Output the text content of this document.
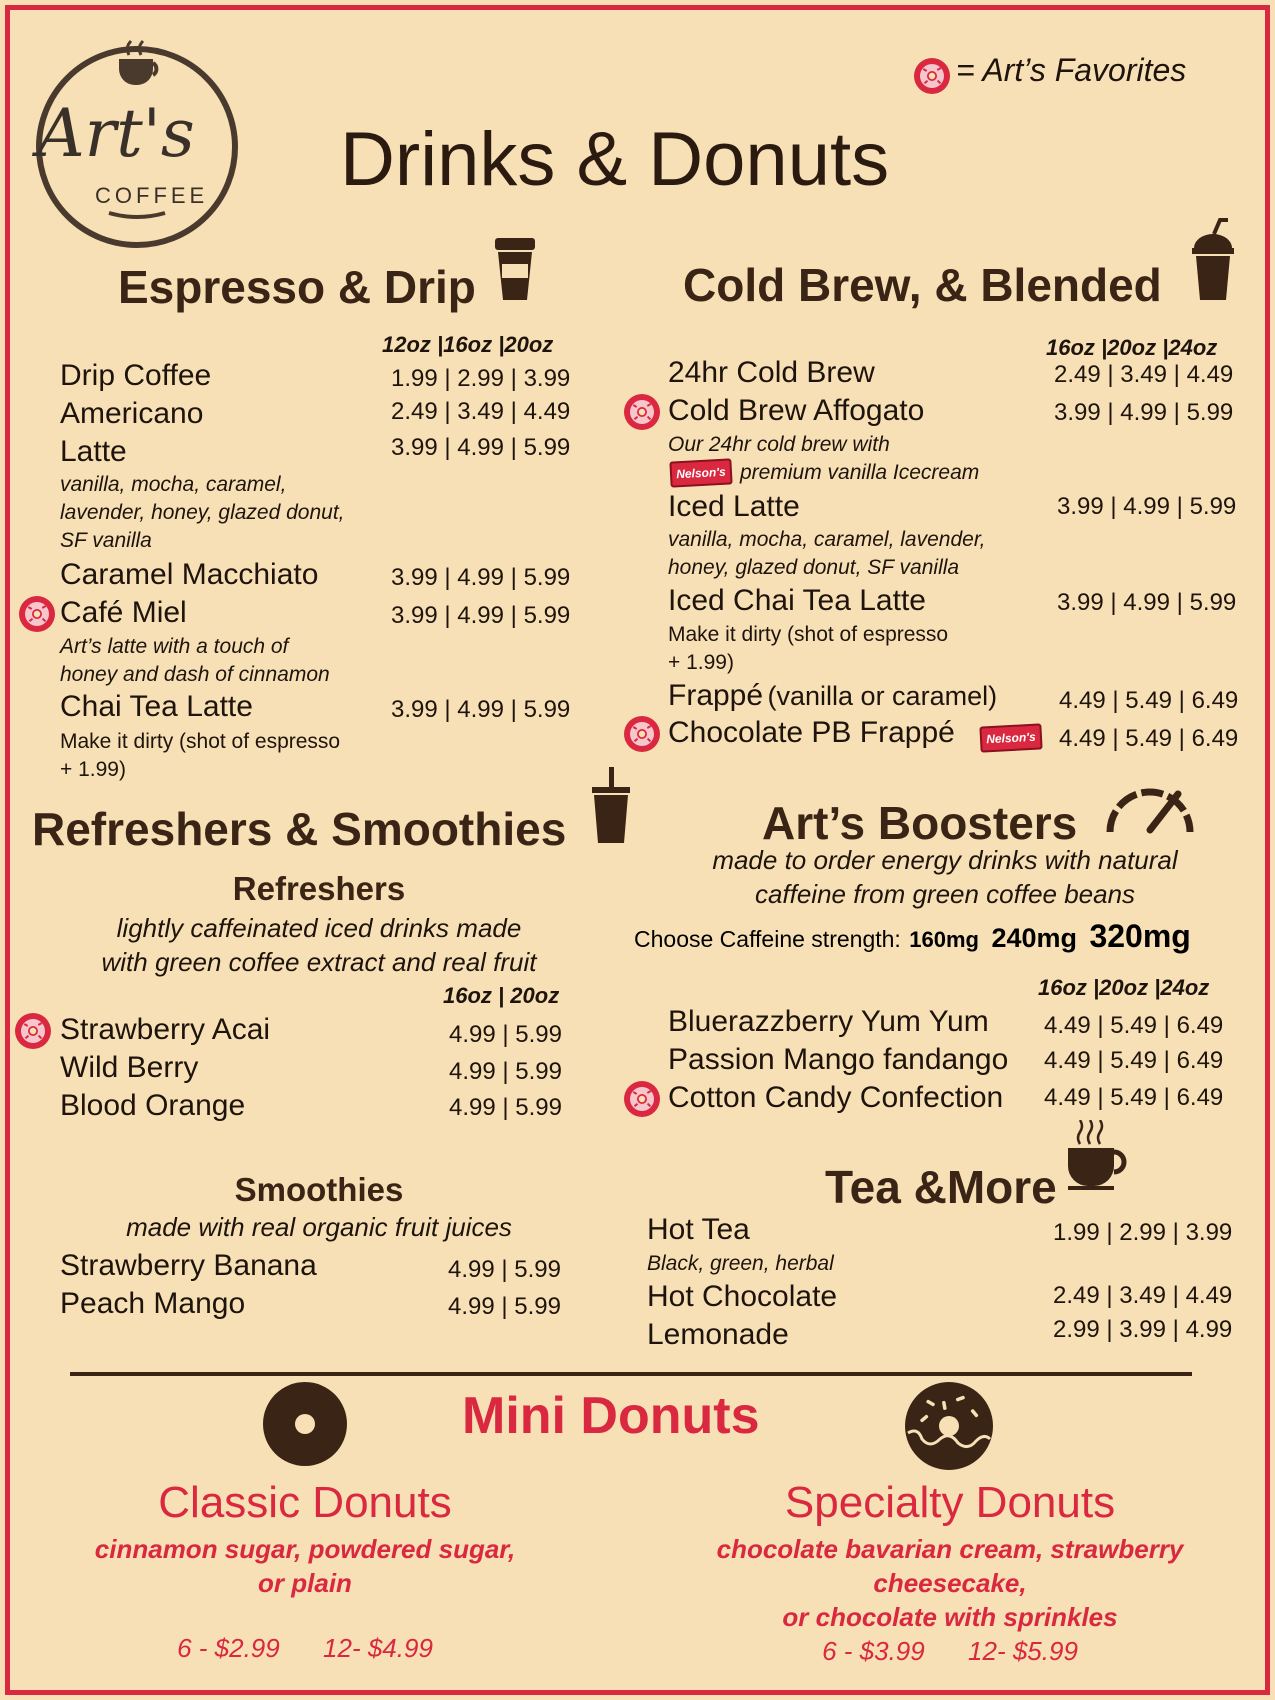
Art's
COFFEE
= Art’s Favorites
Drinks & Donuts
Espresso & Drip
12oz |16oz |20oz
Drip Coffee	1.99 | 2.99 | 3.99
Americano	2.49 | 3.49 | 4.49
Latte	3.99 | 4.99 | 5.99
vanilla, mocha, caramel,
lavender, honey, glazed donut,
SF vanilla
Caramel Macchiato	3.99 | 4.99 | 5.99
Café Miel	3.99 | 4.99 | 5.99
Art’s latte with a touch of
honey and dash of cinnamon
Chai Tea Latte	3.99 | 4.99 | 5.99
Make it dirty (shot of espresso
+ 1.99)
Cold Brew, & Blended
16oz |20oz |24oz
24hr Cold Brew	2.49 | 3.49 | 4.49
Cold Brew Affogato	3.99 | 4.99 | 5.99
Our 24hr cold brew with
Nelson's premium vanilla Icecream
Iced Latte	3.99 | 4.99 | 5.99
vanilla, mocha, caramel, lavender,
honey, glazed donut, SF vanilla
Iced Chai Tea Latte	3.99 | 4.99 | 5.99
Make it dirty (shot of espresso
+ 1.99)
Frappé (vanilla or caramel)	4.49 | 5.49 | 6.49
Chocolate PB Frappé	Nelson's 4.49 | 5.49 | 6.49
Refreshers & Smoothies
Refreshers
lightly caffeinated iced drinks made
with green coffee extract and real fruit
16oz | 20oz
Strawberry Acai	4.99 | 5.99
Wild Berry	4.99 | 5.99
Blood Orange	4.99 | 5.99
Smoothies
made with real organic fruit juices
Strawberry Banana	4.99 | 5.99
Peach Mango	4.99 | 5.99
Art’s Boosters
made to order energy drinks with natural
caffeine from green coffee beans
Choose Caffeine strength: 160mg 240mg 320mg
16oz |20oz |24oz
Bluerazzberry Yum Yum 4.49 | 5.49 | 6.49
Passion Mango fandango 4.49 | 5.49 | 6.49
Cotton Candy Confection 4.49 | 5.49 | 6.49
Tea &More
Hot Tea	1.99 | 2.99 | 3.99
Black, green, herbal
Hot Chocolate	2.49 | 3.49 | 4.49
Lemonade	2.99 | 3.99 | 4.99
Mini Donuts
Classic Donuts
cinnamon sugar, powdered sugar,
or plain
6 - $2.99      12- $4.99
Specialty Donuts
chocolate bavarian cream, strawberry
cheesecake,
or chocolate with sprinkles
6 - $3.99      12- $5.99
